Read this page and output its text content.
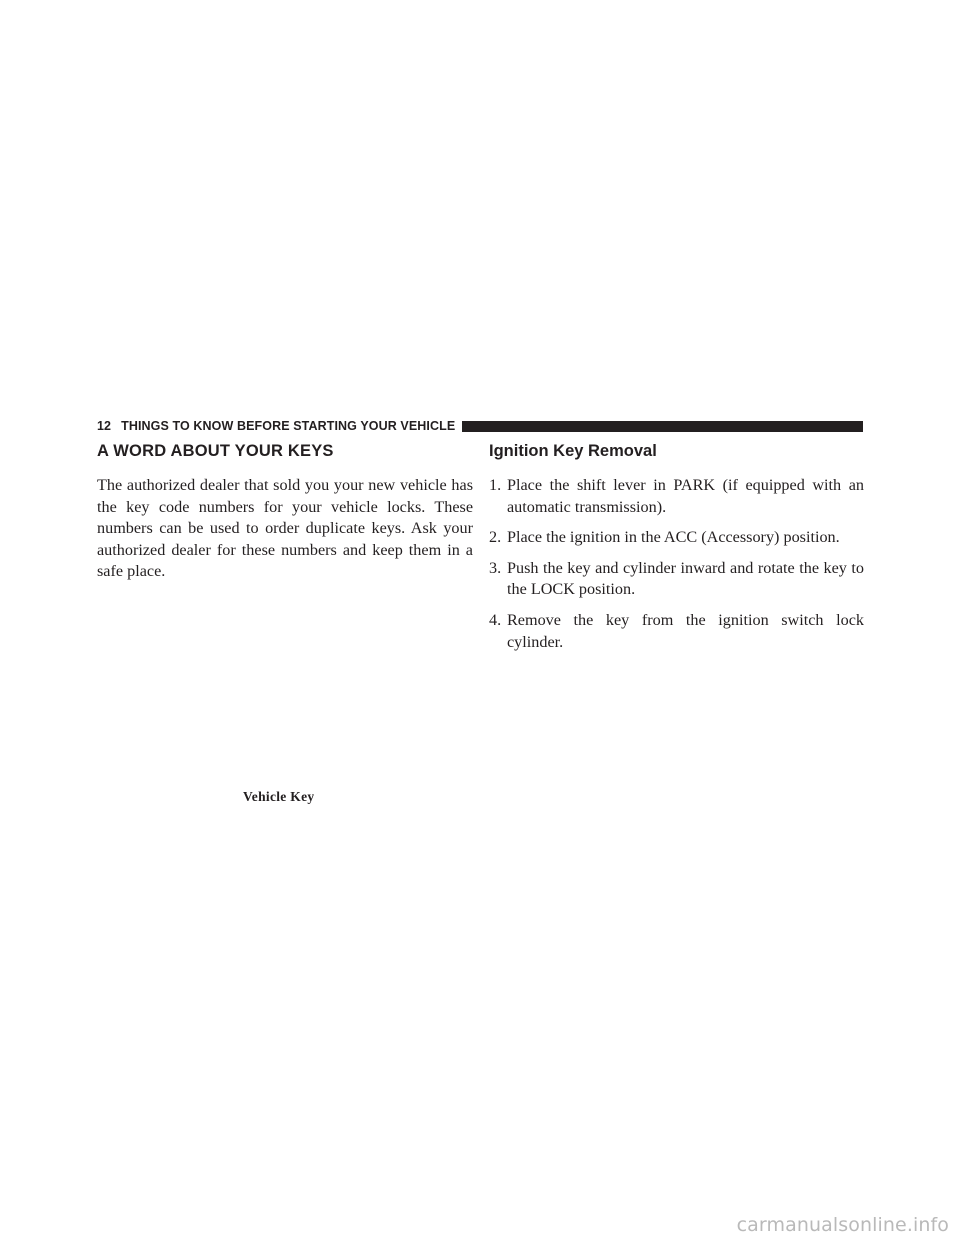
12 THINGS TO KNOW BEFORE STARTING YOUR VEHICLE
A WORD ABOUT YOUR KEYS

The authorized dealer that sold you your new vehicle has the key code numbers for your vehicle locks. These numbers can be used to order duplicate keys. Ask your authorized dealer for these numbers and keep them in a safe place.

Vehicle Key
Ignition Key Removal
1. Place the shift lever in PARK (if equipped with an automatic transmission).
2. Place the ignition in the ACC (Accessory) position.
3. Push the key and cylinder inward and rotate the key to the LOCK position.
4. Remove the key from the ignition switch lock cylinder.
carmanualsonline.info
